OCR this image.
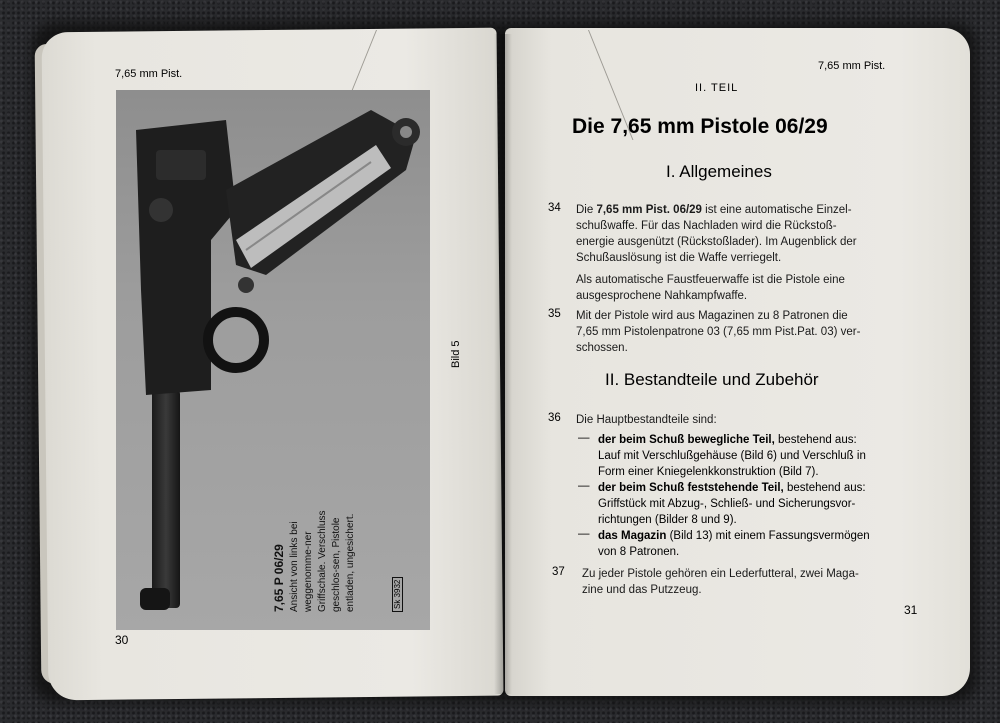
7,65 mm Pist.
7,65 P 06/29 Ansicht von links bei weggenomme-ner Griffschale. Verschluss geschlos-sen, Pistole entladen, ungesichert.	Sk 3932
Bild 5
30
7,65 mm Pist.
II. TEIL
Die 7,65 mm Pistole 06/29
I. Allgemeines
34 Die 7,65 mm Pist. 06/29 ist eine automatische Einzel-
schußwaffe. Für das Nachladen wird die Rückstoß-
energie ausgenützt (Rückstoßlader). Im Augenblick der
Schußauslösung ist die Waffe verriegelt.
Als automatische Faustfeuerwaffe ist die Pistole eine
ausgesprochene Nahkampfwaffe.
35 Mit der Pistole wird aus Magazinen zu 8 Patronen die
7,65 mm Pistolenpatrone 03 (7,65 mm Pist.Pat. 03) ver-
schossen.
II. Bestandteile und Zubehör
36 Die Hauptbestandteile sind:
— der beim Schuß bewegliche Teil, bestehend aus:
Lauf mit Verschlußgehäuse (Bild 6) und Verschluß in
Form einer Kniegelenkkonstruktion (Bild 7).
— der beim Schuß feststehende Teil, bestehend aus:
Griffstück mit Abzug-, Schließ- und Sicherungsvor-
richtungen (Bilder 8 und 9).
— das Magazin (Bild 13) mit einem Fassungsvermögen
von 8 Patronen.
37 Zu jeder Pistole gehören ein Lederfutteral, zwei Maga-
zine und das Putzzeug.
31
